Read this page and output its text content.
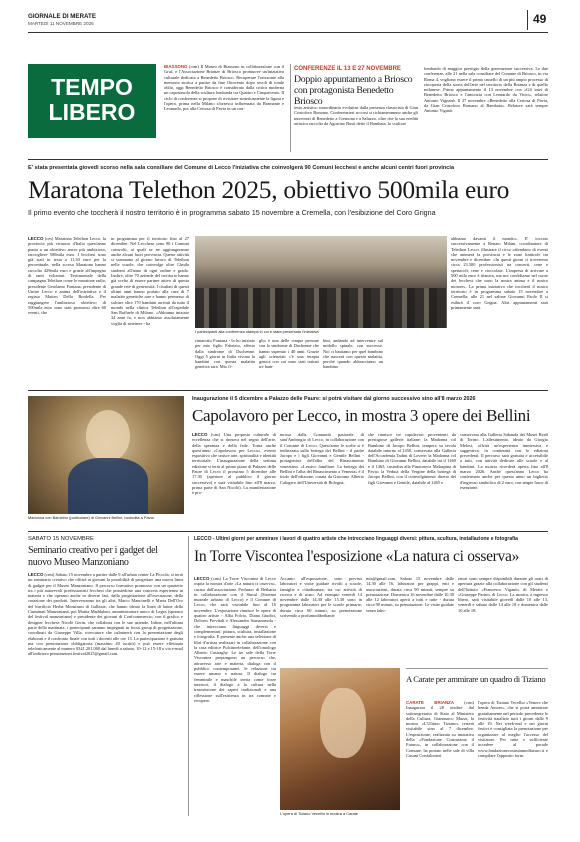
GIORNALE DI MERATE
MARTEDÌ 11 NOVEMBRE 2025	49
TEMPO
LIBERO
BIASSONO (crm) Il Museo di Biassono in collaborazione con il Gruf, e l'Associazione Brianze di Briosco promuove un'iniziativa culturale dedicata a Benedetto Briosco. Recuperare l'orizzonte alla memoria storica a partire da fine Ottocento dopo secoli di totale oblio, oggi Benedetto Briosco è considerato dalla critica moderna un capostruola della scultura lombarda tra Quattro e Cinquecento. Il ciclo di conferenze si propone di rivisitare sinteticamente la figura e l'opera, prima nella Milano sforzesca influenzata da Bramante e Leonardo, poi alla Certosa di Pavia in un con-
CONFERENZE IL 13 E 27 NOVEMBRE
Doppio appuntamento a Briosco con protagonista Benedetto Briosco
testo artistico straordinario evolutosi dalla presenza classicista di Gian Cristoforo Romano. Conferenzieri accorsi si richiamerannno anche gli interventi di Benedetto a Cremona e a Saluzzo, oltre che la sua eredità artistica raccolta da Agostino Busti detto il Bambaia, lo scultore
lombardo di maggior prestigio della generazione successiva. Le due conferenze, alle 21 nella sala consiliare del Comune di Briosco, in via Roma 4, vogliono essere il primo tassello di un più ampio processo di riscoperta della storia dell'arte nel territorio della Brianza e di quello milanese. Primo appuntamento il 13 novembre con «Gli inizi di Benedetto Briosco e l'amicizia con Leonardo da Vinci», relatore Antonio Vignanò. Il 27 novembre «Benedetto alla Certosa di Pavia, da Gian Cristoforo Romano al Bambaia». Relatore sarà sempre Antonio Viganò.
E' stata presentata giovedì scorso nella sala consiliare del Comune di Lecco l'iniziativa che coinvolgerà 90 Comuni lecchesi e anche alcuni centri fuori provincia
Maratona Telethon 2025, obiettivo 500mila euro
Il primo evento che toccherà il nostro territorio è in programma sabato 15 novembre a Cremella, con l'esibizione del Coro Grigna
LECCO (ces) Maratona Telethon Lecco, la provincia più virtuosa d'Italia quest'anno punta a un obiettivo ancor più ambizioso, raccogliere 500mila euro. I lecchesi sono già stati in testa a 11,30 euro per la percentuale, nella scorsa Maratona hanno raccolto 429mila euro e grazie all'impegno di tanti volontari. Testimoniale della campagna Telethon come le maratone radio, presidente Gerolamo Fontana, presidente di Unitre Lecco e anima dell'iniziativa e il regista Matteo Della Bordella. Per raggiungere l'ambizioso obiettivo di 500mila euro sono stati promossi oltre 60 eventi, che
in programma per il territorio fino al 27 dicembre. Nel Lecchese sono 90 i Comuni coinvolti, ai quali se ne aggiungeranno anche alcuni fuori provincia. Queste attività si sommano al giorno lavoro di Telethon nelle scuole, che coinvolge oltre 12mila studenti all'anno di ogni ordine e grado. Inoltre, oltre 70 aziende del territorio hanno già scelto di essere partner attivo di questa grande rete di generosità. I risultati di questi ultimi anni hanno portato alla cura di 7 malattie genetiche rare e hanno permesso di salvare oltre 170 bambini arrivati da tutto il mondo nella clinica Telethon all'ospedale San Raffaele di Milano. «Abbiamo iniziato 34 anni fa, e non abbiamo assolutamente voglia di smettere - ha
I partecipanti alla conferenza stampa in cui è stata presentata l'iniziativa
rimarcato Fontana - lo ho iniziato per mio figlio Fabrizio, affetto dalla sindrome di Duchenne. Oggi 5 giorni in Italia vivono la bambini con questa malattia genetica rara. Mio fi-
glio è una delle cinque persone con la sindrome di Duchenne che hanno superato i 40 anni. Grazie agli scienziati c'è una terapia genica con cui sono stati trattati tre bam-
bini, andando ad intervenire sul midollo spinale, con successo. Noi ci battiamo per quel bambino che nascerà con questa malattia, perché quando abbracciamo un bambino
abbiamo davanti il mondo». E' toccato successivamente a Renato Milani, coordinatore di Telethon Lecco, illustrare il ricco calendario di eventi che animerà la provincia e le zone limitrofe tra novembre e dicembre: «In questi giorni ci troveremo circa 23.500 professionisti tra concerti, cene e spettacoli, cene e cioccolate. L'impresa di arrivare a 500 mila euro è titanica, ma noi confidiamo nel cuore dei lecchesi che sono la nostra anima e il nostro motore». La prima iniziativa che toccherà il nostro territorio è in programma sabato 15 novembre a Cremella; alle 21 nel salone Giovanni Paolo II si esibirà il coro Grigna. Altri appuntamenti sarà primamente sarà.
Madonna con Bambino (particolare) di Giovanni Bellini, custodita a Pavia
Inaugurazione il 5 dicembre a Palazzo delle Paure: si potrà visitare dal giorno successivo sino all'8 marzo 2026
Capolavoro per Lecco, in mostra 3 opere dei Bellini
LECCO (can) Una proposta culturale di eccellenza che si rinnova nel segno dell'arte, della speranza e della fede. Torna anche quest'anno «Capolavoro per Lecco», evento espositivo che unisce arte, spiritualità e identità territoriale. L'inaugurazione della settima edizione si terrà al primo piano di Palazzo delle Paure di Lecco il prossimo 5 dicembre alle 17.30 (aperture al pubblico il giorno successivo) e sarà visitabile fino all'8 marzo, prima parte di San Nicolò). La manifestazione è pro-
mossa dalla Comunità pastorale di sant'Ambrogio di Lecco, in collaborazione con il Comune di Lecco. Quest'anno le scelte si è indirizzata sulla bottega dei Bellini - il padre Jacopo e i figli Giovanni e Gentile Bellini - protagonisti dell'alba del Rinascimento veneziano. «Lessico familiare. La bottega dei Bellini e l'alba del Rinascimento a Venezia» è il titolo dell'edizione, curata da Giacomo Alberto Calogero dell'Università di Bologna,
che riunisce tre capolavori provenienti da prestigiose gallerie italiane: la Madonna col Bambino di Jacopo Bellini, tempera su tavola databile intorno al 1450, conservata alla Galleria dell'Accademia Tadini di Lovere; la Madonna col Bambino di Giovanni Bellini, databile tra il 1460 e il 1465, custodita alla Pinacoteca Malaspina di Pavia; la Veduta della Vergine della bottega di Jacopo Bellini, con il coinvolgimento diretto dei figli Giovanni e Gentile, databile al 1465 e
conservata alla Galleria Sabauda dei Musei Reali di Torino. L'allestimento, ideato da Giorgio Melesi, offrirà un'esperienza immersiva e suggestiva, in continuità con le edizioni precedenti. Il percorso sarà gratuita e accessibile a tutti, con attività dedicate alle scuole e al bambini. La mostra ricorderà aperta fino all'8 marzo 2026. Anche quest'anno Lecco ha confermato anche per questo anno un biglietto d'ingresso simbolico di 2 euro, con ampie fasce di esenzione.
SABATO 15 NOVEMBRE
Seminario creativo per i gadget del nuovo Museo Manzoniano
LECCO (crm) Sabato 15 novembre a partire dalle 9 all'urban center La Piccola, si terrà un seminario creativo che offrirà ai giovani la possibilità di progettare una nuova linea di gadget per il Museo Manzoniano. Il percorso formativo promosso con un quartetto tra i più autorevoli professionisti lecchesi che possiedono una concreta esperienza in materia e che operano anche in diverse fasi, dalla progettazione all'esecuzione, della creazione dei prodotti. Interverranno tra gli altri, Marco Mancinelli e Marta Dell'Oro del birrificio Herba Monstrum di Galbiate, che hanno ideato la linea di latine della Carminati Manzoniana, poi Mattia Maddaloni, amministratore unico di Legea (sponsor del festival manzoniano) e presidente dei giovani di Confcommercio, con il grafico e designer lecchese Nicolò Gerin, che collabora con le sue aziende. Infine, nell'ultima parte della mattinata, i partecipanti saranno impegnati in focus group di progettazione, coordinati da Giuseppe Villa, ricercatore che culminerà con la presentazione degli elaborati e il confronto finale con tutti i docenti alle ore 13. La partecipazione è gratuita ma con prenotazione obbligatoria (massimo 40 iscritti) e può essere effettuata telefonicamente al numero 0341.201.000 dal lunedì a sabato, 10-12 e 15-18 o via e-mail all'indirizzo prenotazioni.festival2025@gmail.com.
LECCO - Ultimi giorni per ammirare i lavori di quattro artiste che intrecciano linguaggi diversi: pittura, scultura, installazione e fotografia
In Torre Viscontea l'esposizione «La natura ci osserva»
LECCO (crm) La Torre Viscontea di Lecco ospita la mostra d'arte «La natura ci osserva», curata dall'associazione Profumo di Betharia in collaborazione con il Simul (Sistema museale urbano di Lecco) e il Comune di Lecco, che sarà visitabile fino al 16 novembre. L'esposizione riunisce le opere di quattro artiste - Alba Folcio, Diana Giudici, Dolores Previtali e Alessandra Somaromola - che intrecciano linguaggi diversi e complementari: pittura, scultura, installazione e fotografia. E presente anche una selezione di libri d'artista realizzati in collaborazione con la casa editrice Pulcinoelefante, dell'omologo Alberto Casiraghy. Le tre sale della Torre Viscontea propongono un percorso che, attraverso arte e materia, dialoga con il pubblico contemporanei, le relazione tra essere umano e natura. Il dialogo tra femminile e maschile invita come forze interiori, il dialogo a la cultura nella trasmissione dei saperi tradizionali e una riflessione sull'esistenza in tra comune e recupero.
Accanto all'esposizione, sono previsti laboratori e visite guidate rivolti a scuole, famiglie e cittadinanza, tra cui attività di ricerca e di riuso. Ad esempio venerdì 14 novembre dalle 14.30 alle 15.30 sono in programma laboratori per le scuole primarie, durata circa 60 minuti, su prenotazione scrivendo a profumodibethanie
mia@gmail.com. Sabato 15 novembre dalle 14.30 alle 16, laboratori per grappi, enti e associazioni, durata circa 90 minuti, sempre su prenotazione. Domenica 16 novembre dalle 10.30 alle 12 laboratori aperti a tutti e tutte - durata circa 90 minuti, su prenotazione. Le visite guidate senza labo-
ratori sono sempre disponibili durante gli orari di apertura grazie alla collaborazione con gli studenti dell'Istituto «Francesco Viganò» di Merate e «Giuseppe Parini» di Lecco. La mostra, a ingresso libero, sarà visitabile giovedì dalle 10 alle 13, venerdì e sabato dalle 14 alle 18 e domenica dalle 10 alle 18.
L'opera di Tiziano Vecellio in mostra a Carate
A Carate per ammirare un quadro di Tiziano
CARATE BRIANZA (crm) Inaugurata il 28 ottobre dal sottosegretario di Stato al Ministero della Cultura, Gianmarco Mazzi, la mostra «L'Ultimo Tiziano» resterà visitabile sino al 7 dicembre. L'esposizione, realizzata su iniziativa della «Fondazione Costruiamo il Futuro», in collaborazione con il Comune, ha portato nelle sale di villa Cusani Confalonieri
l'opera di Tiziano Vecellio «Venere che benda Amore», che si potrà ammirare gratuitamente nel periodo precedente le festività natalizie tutti i giorni dalle 9 alle 19. Nei week-end e nei giorni festivi è consigliata la prenotazione per organizzare al meglio l'accesso del visitatore. Per tutte e sufficiente accedere al portale www.fondazionecostruiamoilfuturo.it e compilare l'apposito form.
